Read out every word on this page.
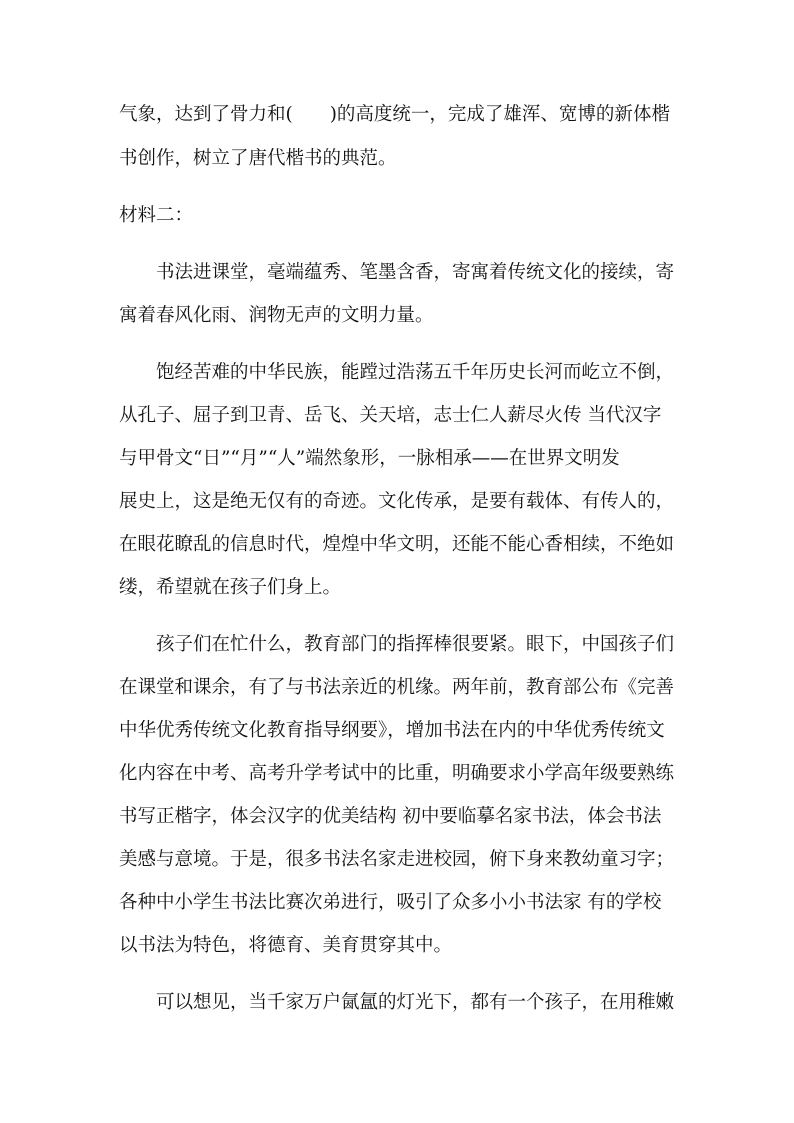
气象，达到了骨力和(　　)的高度统一，完成了雄浑、宽博的新体楷
书创作，树立了唐代楷书的典范。
材料二：
书法进课堂，毫端蕴秀、笔墨含香，寄寓着传统文化的接续，寄
寓着春风化雨、润物无声的文明力量。
饱经苦难的中华民族，能蹚过浩荡五千年历史长河而屹立不倒，
从孔子、屈子到卫青、岳飞、关天培，志士仁人薪尽火传 当代汉字
与甲骨文“日”“月”“人”端然象形，一脉相承——在世界文明发
展史上，这是绝无仅有的奇迹。文化传承，是要有载体、有传人的，
在眼花瞭乱的信息时代，煌煌中华文明，还能不能心香相续，不绝如
缕，希望就在孩子们身上。
孩子们在忙什么，教育部门的指挥棒很要紧。眼下，中国孩子们
在课堂和课余，有了与书法亲近的机缘。两年前，教育部公布《完善
中华优秀传统文化教育指导纲要》，增加书法在内的中华优秀传统文
化内容在中考、高考升学考试中的比重，明确要求小学高年级要熟练
书写正楷字，体会汉字的优美结构 初中要临摹名家书法，体会书法
美感与意境。于是，很多书法名家走进校园，俯下身来教幼童习字；
各种中小学生书法比赛次弟进行，吸引了众多小小书法家 有的学校
以书法为特色，将德育、美育贯穿其中。
可以想见，当千家万户氤氲的灯光下，都有一个孩子，在用稚嫩
